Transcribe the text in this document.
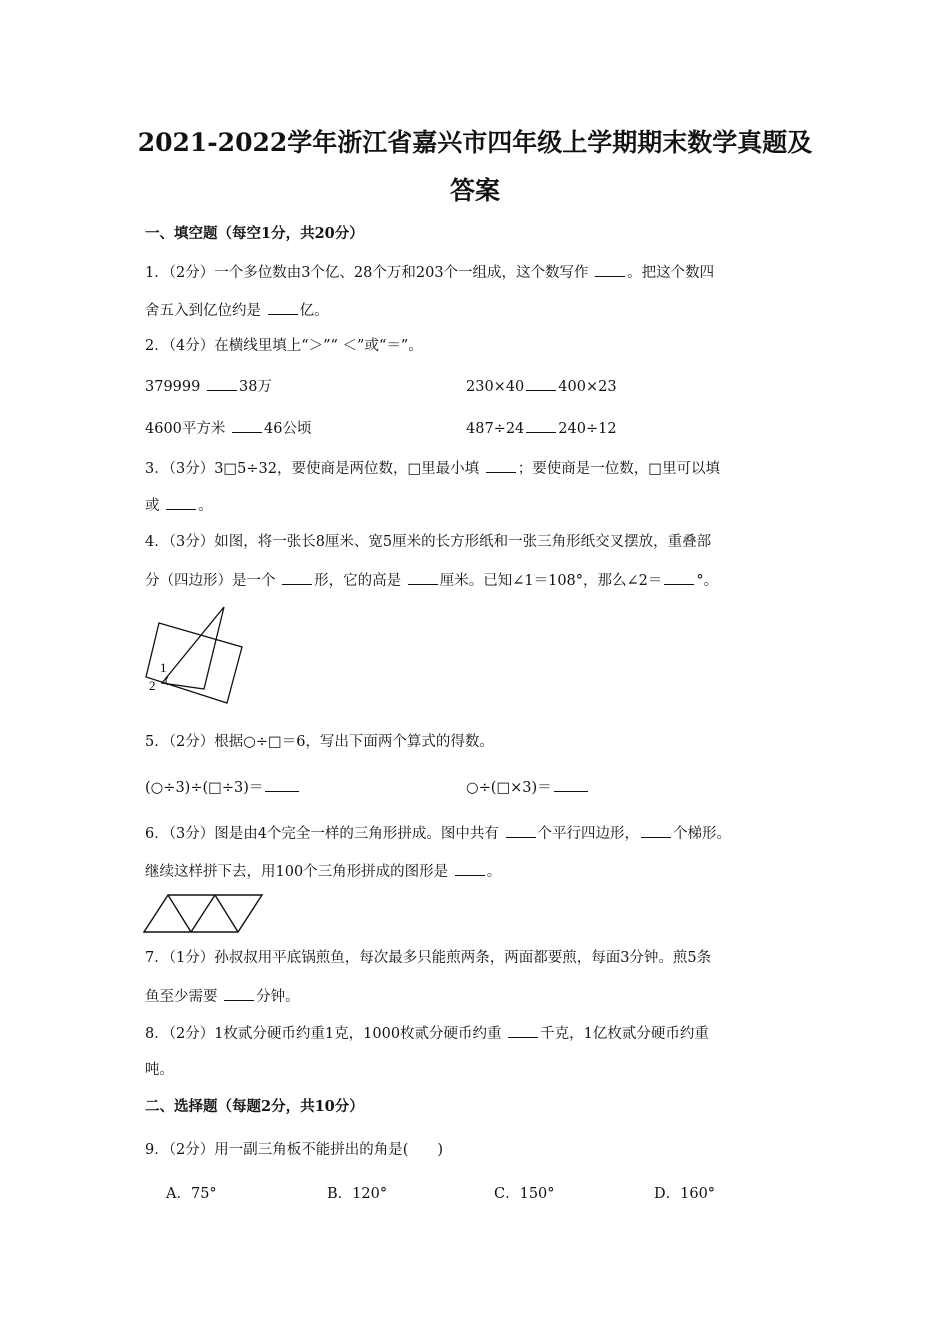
2021-2022学年浙江省嘉兴市四年级上学期期末数学真题及
答案
一、填空题（每空1分，共20分）
1．（2分）一个多位数由3个亿、28个万和203个一组成，这个数写作 。把这个数四
舍五入到亿位约是 亿。
2．（4分）在横线里填上“＞”“ ＜”或“＝”。
379999 38万	230×40 400×23
4600平方米 46公顷	487÷24 240÷12
3．（3分）3□5÷32，要使商是两位数，□里最小填 ；要使商是一位数，□里可以填
或 。
4．（3分）如图，将一张长8厘米、宽5厘米的长方形纸和一张三角形纸交叉摆放，重叠部
分（四边形）是一个 形，它的高是 厘米。已知∠1＝108°，那么∠2＝ °。
1
2
5．（2分）根据○÷□＝6，写出下面两个算式的得数。
(○÷3)÷(□÷3)＝	○÷(□×3)＝
6．（3分）图是由4个完全一样的三角形拼成。图中共有 个平行四边形， 个梯形。
继续这样拼下去，用100个三角形拼成的图形是 。
7．（1分）孙叔叔用平底锅煎鱼，每次最多只能煎两条，两面都要煎，每面3分钟。煎5条
鱼至少需要 分钟。
8．（2分）1枚贰分硬币约重1克，1000枚贰分硬币约重 千克，1亿枚贰分硬币约重
吨。
二、选择题（每题2分，共10分）
9．（2分）用一副三角板不能拼出的角是(　　)
A．75°	B．120°	C．150°	D．160°
